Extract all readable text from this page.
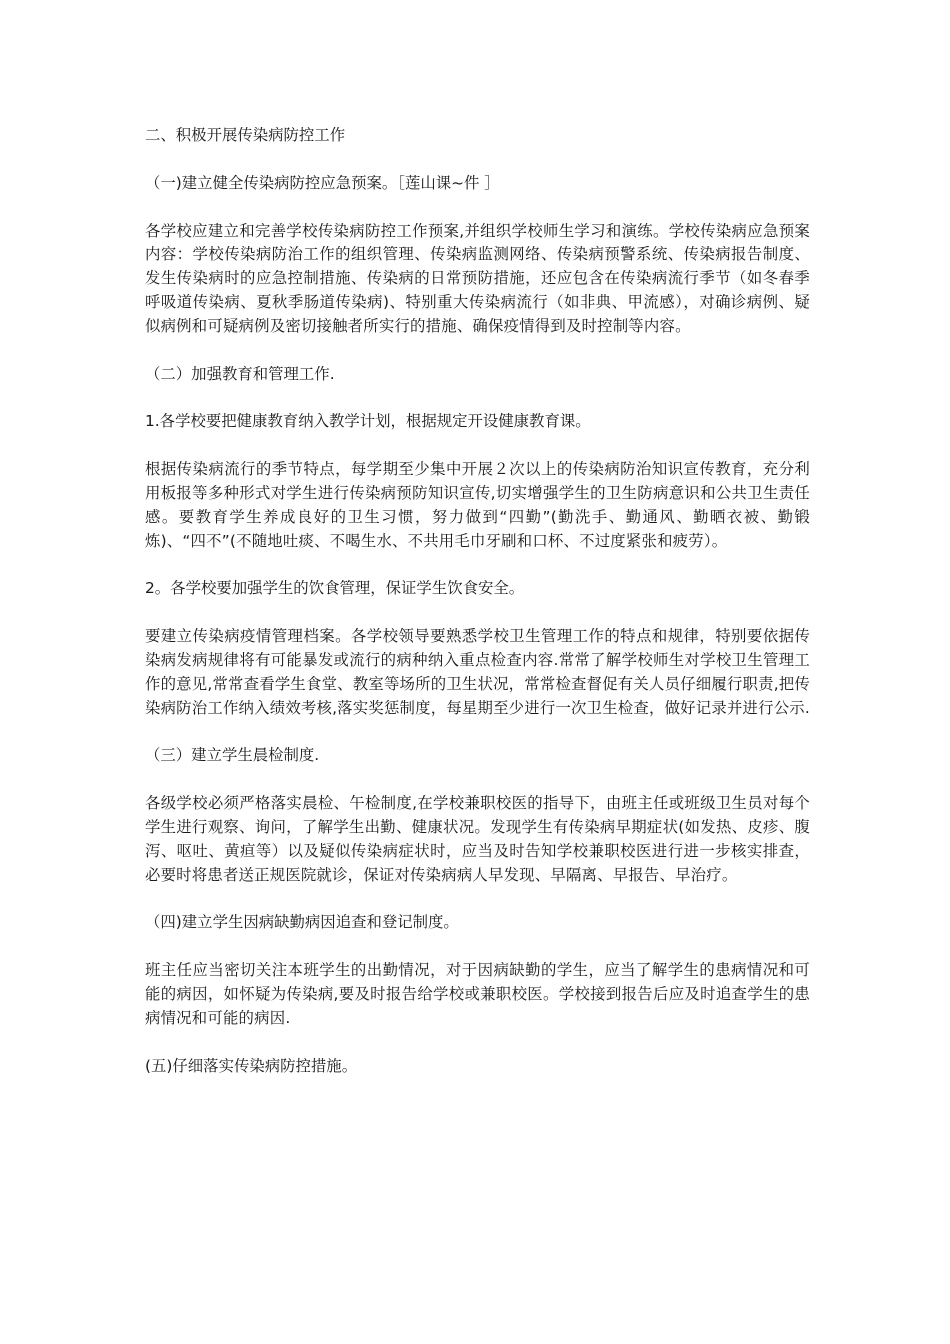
二、积极开展传染病防控工作

（一)建立健全传染病防控应急预案。［莲山课~件 ］

各学校应建立和完善学校传染病防控工作预案,并组织学校师生学习和演练。学校传染病应急预案内容：学校传染病防治工作的组织管理、传染病监测网络、传染病预警系统、传染病报告制度、发生传染病时的应急控制措施、传染病的日常预防措施，还应包含在传染病流行季节（如冬春季呼吸道传染病、夏秋季肠道传染病)、特别重大传染病流行（如非典、甲流感），对确诊病例、疑似病例和可疑病例及密切接触者所实行的措施、确保疫情得到及时控制等内容。

（二）加强教育和管理工作.

1.各学校要把健康教育纳入教学计划，根据规定开设健康教育课。

根据传染病流行的季节特点，每学期至少集中开展２次以上的传染病防治知识宣传教育，充分利用板报等多种形式对学生进行传染病预防知识宣传,切实增强学生的卫生防病意识和公共卫生责任感。要教育学生养成良好的卫生习惯，努力做到“四勤”(勤洗手、勤通风、勤晒衣被、勤锻炼)、“四不”(不随地吐痰、不喝生水、不共用毛巾牙刷和口杯、不过度紧张和疲劳）。

2。各学校要加强学生的饮食管理，保证学生饮食安全。

要建立传染病疫情管理档案。各学校领导要熟悉学校卫生管理工作的特点和规律，特别要依据传染病发病规律将有可能暴发或流行的病种纳入重点检查内容.常常了解学校师生对学校卫生管理工作的意见,常常查看学生食堂、教室等场所的卫生状况，常常检查督促有关人员仔细履行职责,把传染病防治工作纳入绩效考核,落实奖惩制度，每星期至少进行一次卫生检查，做好记录并进行公示.

（三）建立学生晨检制度.

各级学校必须严格落实晨检、午检制度,在学校兼职校医的指导下，由班主任或班级卫生员对每个学生进行观察、询问，了解学生出勤、健康状况。发现学生有传染病早期症状(如发热、皮疹、腹泻、呕吐、黄疸等）以及疑似传染病症状时，应当及时告知学校兼职校医进行进一步核实排查，必要时将患者送正规医院就诊，保证对传染病病人早发现、早隔离、早报告、早治疗。

（四)建立学生因病缺勤病因追查和登记制度。

班主任应当密切关注本班学生的出勤情况，对于因病缺勤的学生，应当了解学生的患病情况和可能的病因，如怀疑为传染病,要及时报告给学校或兼职校医。学校接到报告后应及时追查学生的患病情况和可能的病因.

(五)仔细落实传染病防控措施。
